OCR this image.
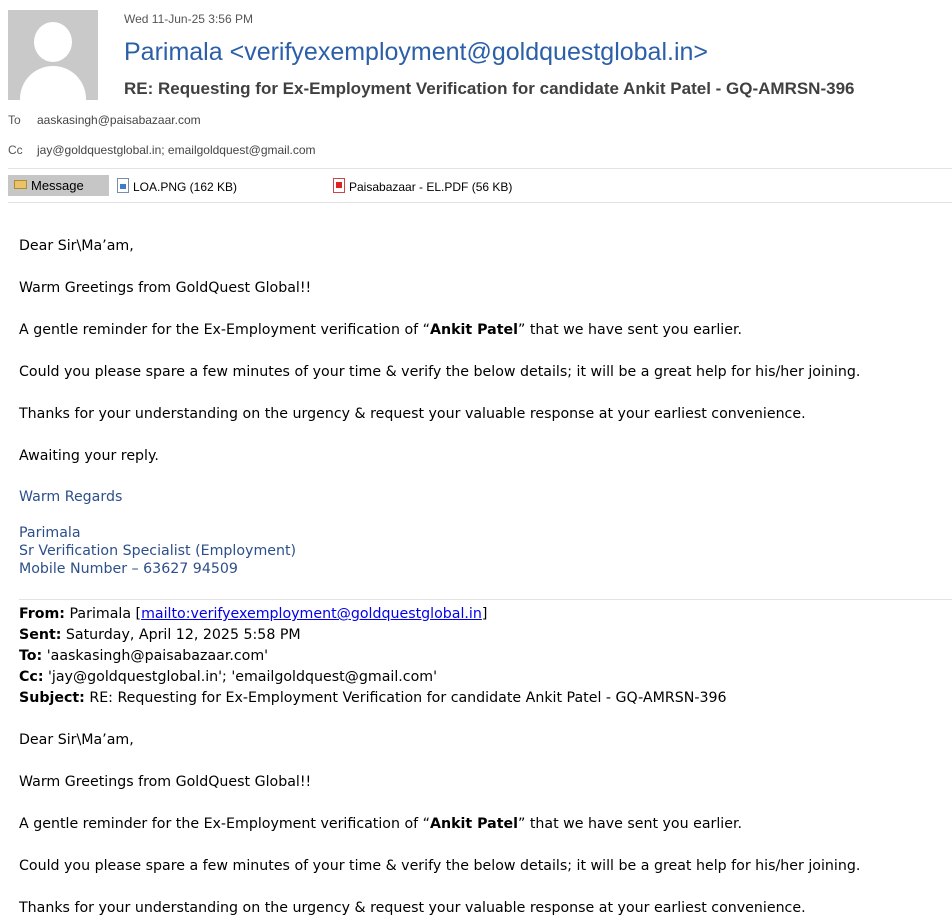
Wed 11-Jun-25 3:56 PM
Parimala <verifyexemployment@goldquestglobal.in>
RE: Requesting for Ex-Employment Verification for candidate Ankit Patel - GQ-AMRSN-396
To aaskasingh@paisabazaar.com
Cc jay@goldquestglobal.in; emailgoldquest@gmail.com
Message	LOA.PNG (162 KB)	Paisabazaar - EL.PDF (56 KB)
Dear Sir\Ma’am,
Warm Greetings from GoldQuest Global!!
A gentle reminder for the Ex-Employment verification of “Ankit Patel” that we have sent you earlier.
Could you please spare a few minutes of your time & verify the below details; it will be a great help for his/her joining.
Thanks for your understanding on the urgency & request your valuable response at your earliest convenience.
Awaiting your reply.
Warm Regards
Parimala
Sr Verification Specialist (Employment)
Mobile Number – 63627 94509
From: Parimala [mailto:verifyexemployment@goldquestglobal.in]
Sent: Saturday, April 12, 2025 5:58 PM
To: 'aaskasingh@paisabazaar.com'
Cc: 'jay@goldquestglobal.in'; 'emailgoldquest@gmail.com'
Subject: RE: Requesting for Ex-Employment Verification for candidate Ankit Patel - GQ-AMRSN-396
Dear Sir\Ma’am,
Warm Greetings from GoldQuest Global!!
A gentle reminder for the Ex-Employment verification of “Ankit Patel” that we have sent you earlier.
Could you please spare a few minutes of your time & verify the below details; it will be a great help for his/her joining.
Thanks for your understanding on the urgency & request your valuable response at your earliest convenience.
